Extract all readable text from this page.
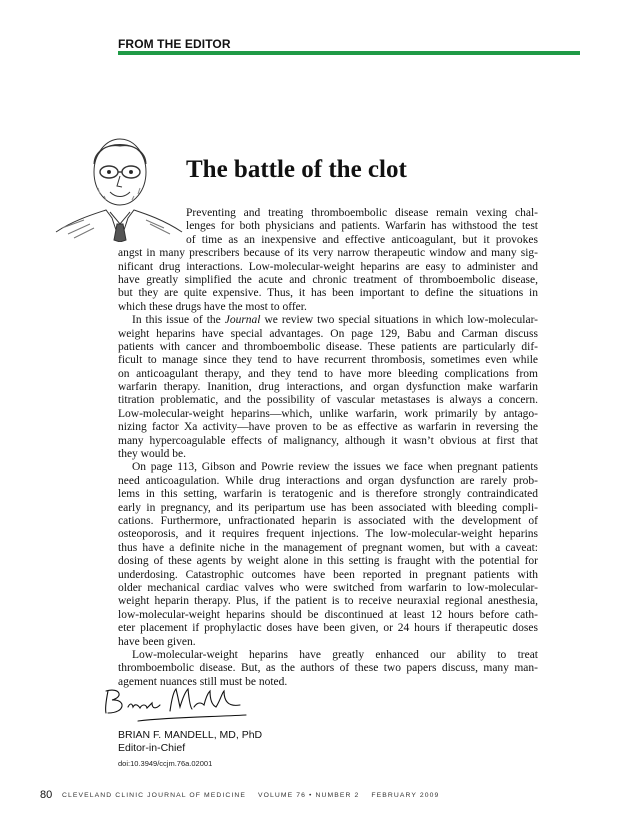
FROM THE EDITOR
The battle of the clot
Preventing and treating thromboembolic disease remain vexing chal-
lenges for both physicians and patients. Warfarin has withstood the test
of time as an inexpensive and effective anticoagulant, but it provokes
angst in many prescribers because of its very narrow therapeutic window and many sig-
nificant drug interactions. Low-molecular-weight heparins are easy to administer and
have greatly simplified the acute and chronic treatment of thromboembolic disease,
but they are quite expensive. Thus, it has been important to define the situations in
which these drugs have the most to offer.
In this issue of the Journal we review two special situations in which low-molecular-
weight heparins have special advantages. On page 129, Babu and Carman discuss
patients with cancer and thromboembolic disease. These patients are particularly dif-
ficult to manage since they tend to have recurrent thrombosis, sometimes even while
on anticoagulant therapy, and they tend to have more bleeding complications from
warfarin therapy. Inanition, drug interactions, and organ dysfunction make warfarin
titration problematic, and the possibility of vascular metastases is always a concern.
Low-molecular-weight heparins—which, unlike warfarin, work primarily by antago-
nizing factor Xa activity—have proven to be as effective as warfarin in reversing the
many hypercoagulable effects of malignancy, although it wasn’t obvious at first that
they would be.
On page 113, Gibson and Powrie review the issues we face when pregnant patients
need anticoagulation. While drug interactions and organ dysfunction are rarely prob-
lems in this setting, warfarin is teratogenic and is therefore strongly contraindicated
early in pregnancy, and its peripartum use has been associated with bleeding compli-
cations. Furthermore, unfractionated heparin is associated with the development of
osteoporosis, and it requires frequent injections. The low-molecular-weight heparins
thus have a definite niche in the management of pregnant women, but with a caveat:
dosing of these agents by weight alone in this setting is fraught with the potential for
underdosing. Catastrophic outcomes have been reported in pregnant patients with
older mechanical cardiac valves who were switched from warfarin to low-molecular-
weight heparin therapy. Plus, if the patient is to receive neuraxial regional anesthesia,
low-molecular-weight heparins should be discontinued at least 12 hours before cath-
eter placement if prophylactic doses have been given, or 24 hours if therapeutic doses
have been given.
Low-molecular-weight heparins have greatly enhanced our ability to treat
thromboembolic disease. But, as the authors of these two papers discuss, many man-
agement nuances still must be noted.
BRIAN F. MANDELL, MD, PhD
Editor-in-Chief
doi:10.3949/ccjm.76a.02001
80 CLEVELAND CLINIC JOURNAL OF MEDICINE    VOLUME 76 • NUMBER 2    FEBRUARY 2009
